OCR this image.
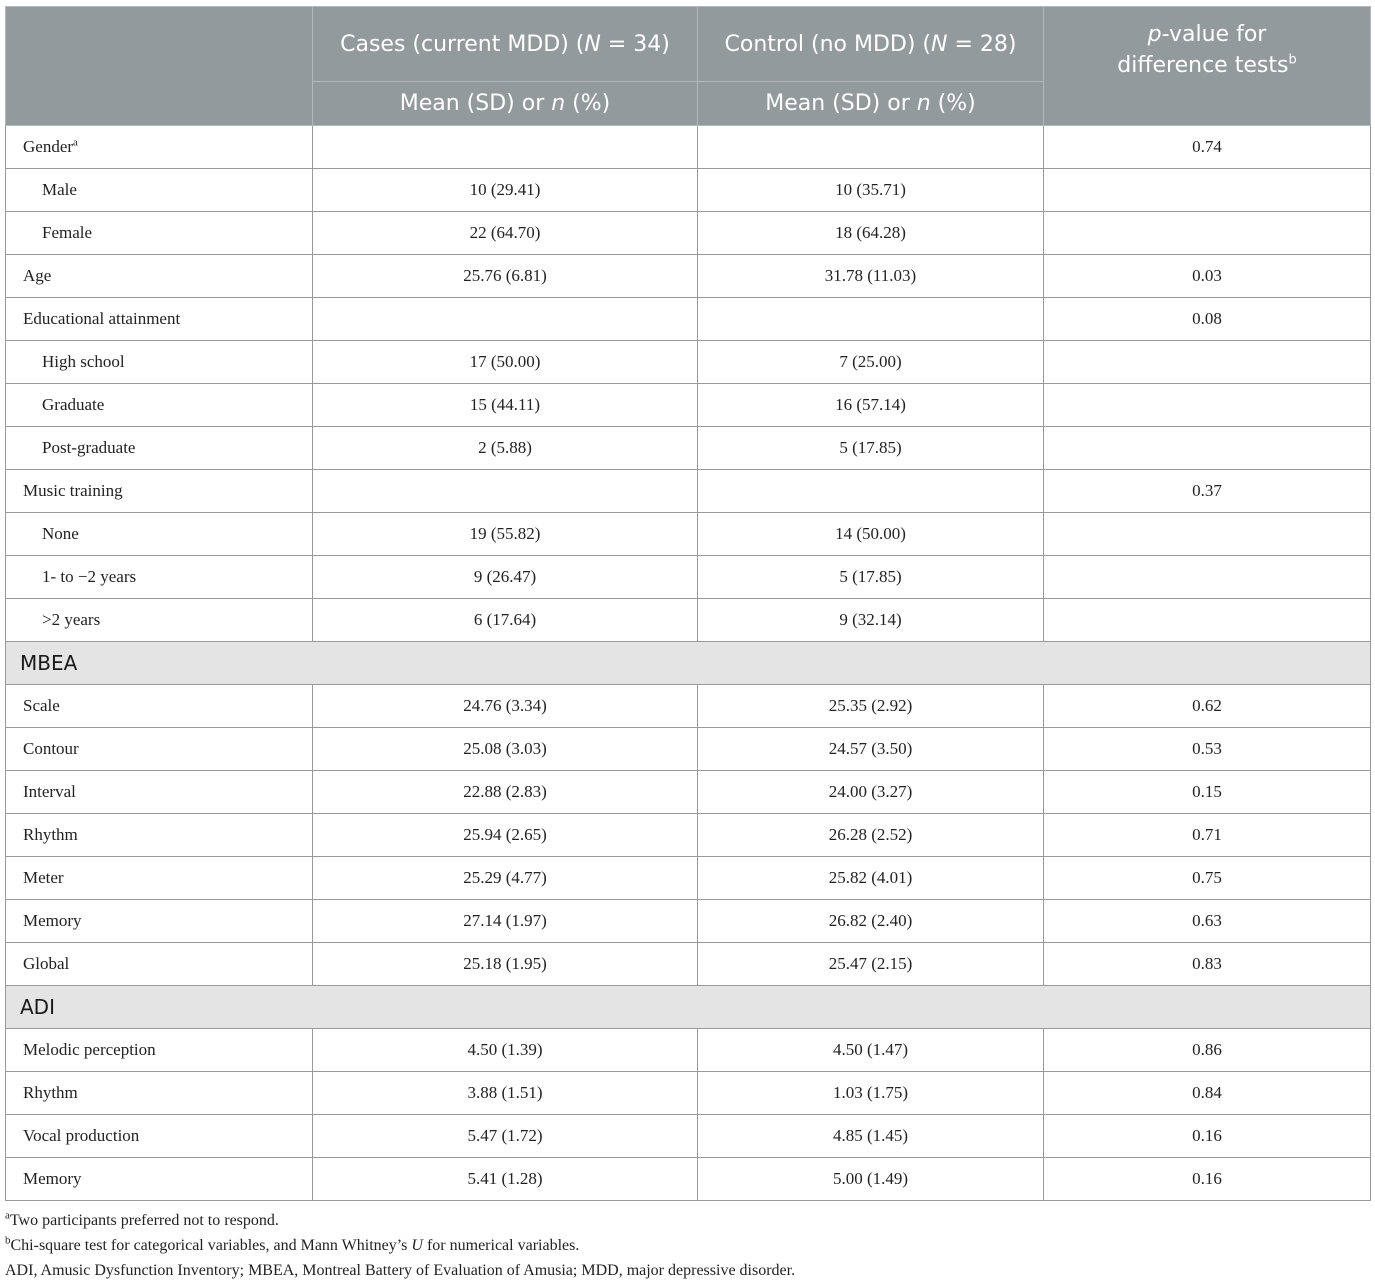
	Cases (current MDD) (N = 34)	Control (no MDD) (N = 28)	p-value for
difference tests$^b$
	Mean (SD) or n (%)	Mean (SD) or n (%)	
Gender$^a$			0.74
Male	10 (29.41)	10 (35.71)	
Female	22 (64.70)	18 (64.28)	
Age	25.76 (6.81)	31.78 (11.03)	0.03
Educational attainment			0.08
High school	17 (50.00)	7 (25.00)	
Graduate	15 (44.11)	16 (57.14)	
Post-graduate	2 (5.88)	5 (17.85)	
Music training			0.37
None	19 (55.82)	14 (50.00)	
1- to −2 years	9 (26.47)	5 (17.85)	
>2 years	6 (17.64)	9 (32.14)	
MBEA			
Scale	24.76 (3.34)	25.35 (2.92)	0.62
Contour	25.08 (3.03)	24.57 (3.50)	0.53
Interval	22.88 (2.83)	24.00 (3.27)	0.15
Rhythm	25.94 (2.65)	26.28 (2.52)	0.71
Meter	25.29 (4.77)	25.82 (4.01)	0.75
Memory	27.14 (1.97)	26.82 (2.40)	0.63
Global	25.18 (1.95)	25.47 (2.15)	0.83
ADI			
Melodic perception	4.50 (1.39)	4.50 (1.47)	0.86
Rhythm	3.88 (1.51)	1.03 (1.75)	0.84
Vocal production	5.47 (1.72)	4.85 (1.45)	0.16
Memory	5.41 (1.28)	5.00 (1.49)	0.16

$^a$Two participants preferred not to respond.

$^b$Chi-square test for categorical variables, and Mann Whitney’s U for numerical variables.

ADI, Amusic Dysfunction Inventory; MBEA, Montreal Battery of Evaluation of Amusia; MDD, major depressive disorder.
